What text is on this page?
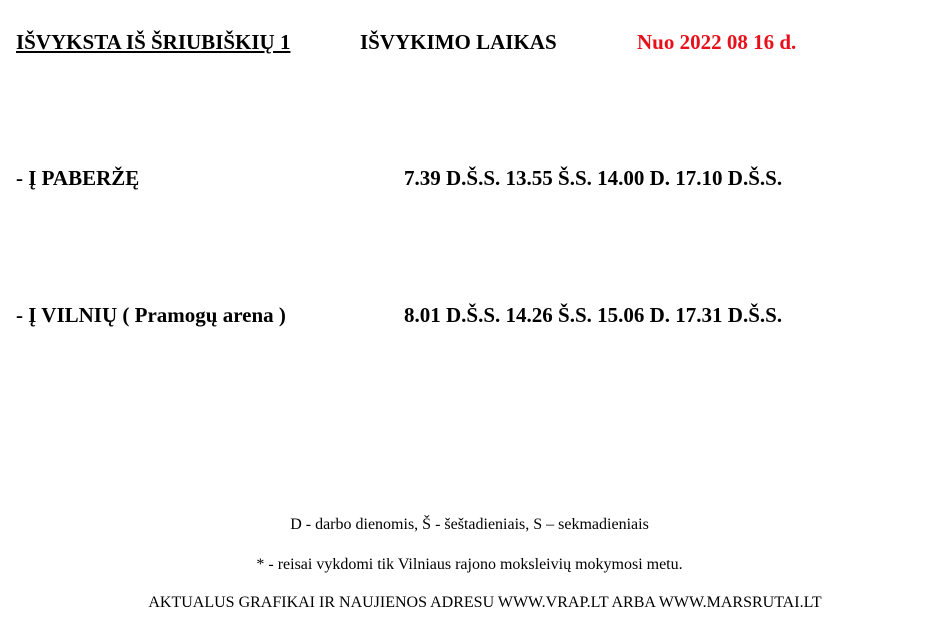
IŠVYKSTA IŠ ŠRIUBIŠKIŲ 1	IŠVYKIMO LAIKAS	Nuo 2022 08 16 d.
- Į PABERŽĘ	7.39 D.Š.S. 13.55 Š.S. 14.00 D. 17.10 D.Š.S.
- Į VILNIŲ ( Pramogų arena )	8.01 D.Š.S. 14.26 Š.S. 15.06 D. 17.31 D.Š.S.
D - darbo dienomis, Š - šeštadieniais, S – sekmadieniais
* - reisai vykdomi tik Vilniaus rajono moksleivių mokymosi metu.
AKTUALUS GRAFIKAI IR NAUJIENOS ADRESU WWW.VRAP.LT ARBA WWW.MARSRUTAI.LT
